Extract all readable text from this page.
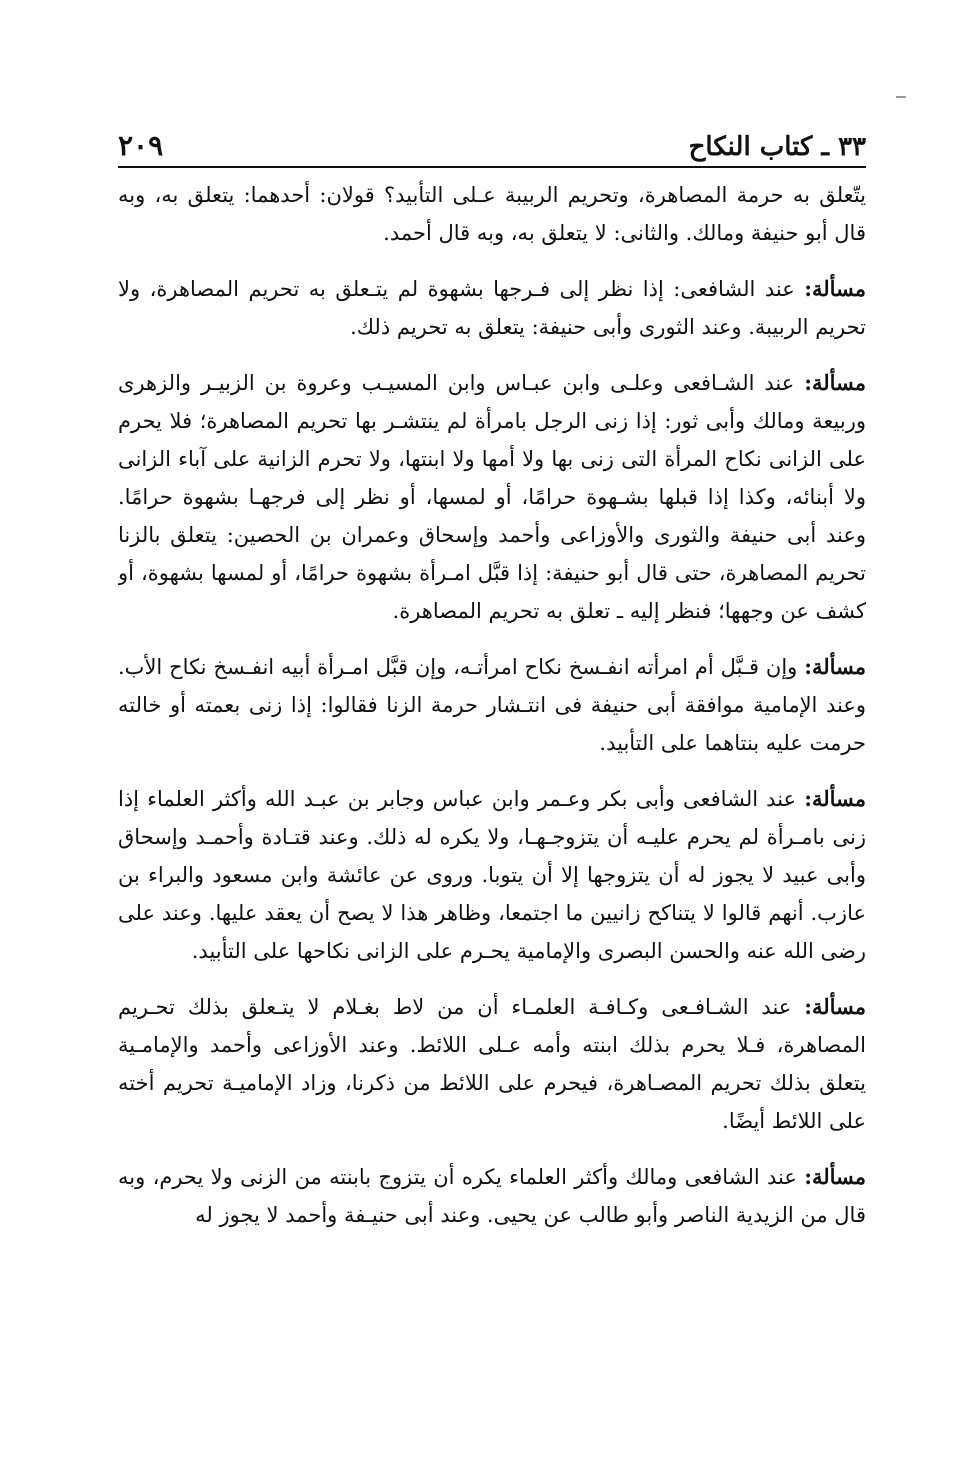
٣٣ ـ كتاب النكاح
٢٠٩

يتّعلق به حرمة المصاهرة، وتحريم الربيبة عـلى التأبيد؟ قولان: أحدهما: يتعلق به، وبه قال أبو حنيفة ومالك. والثانى: لا يتعلق به، وبه قال أحمد.

مسألة: عند الشافعى: إذا نظر إلى فـرجها بشهوة لم يتـعلق به تحريم المصاهرة، ولا تحريم الربيبة. وعند الثورى وأبى حنيفة: يتعلق به تحريم ذلك.

مسألة: عند الشـافعى وعلـى وابن عبـاس وابن المسيـب وعروة بن الزبيـر والزهرى وربيعة ومالك وأبى ثور: إذا زنى الرجل بامرأة لم ينتشـر بها تحريم المصاهرة؛ فلا يحرم على الزانى نكاح المرأة التى زنى بها ولا أمها ولا ابنتها، ولا تحرم الزانية على آباء الزانى ولا أبنائه، وكذا إذا قبلها بشـهوة حرامًا، أو لمسها، أو نظر إلى فرجهـا بشهوة حرامًا. وعند أبى حنيفة والثورى والأوزاعى وأحمد وإسحاق وعمران بن الحصين: يتعلق بالزنا تحريم المصاهرة، حتى قال أبو حنيفة: إذا قبَّل امـرأة بشهوة حرامًا، أو لمسها بشهوة، أو كشف عن وجهها؛ فنظر إليه ـ تعلق به تحريم المصاهرة.

مسألة: وإن قـبَّل أم امرأته انفـسخ نكاح امرأتـه، وإن قبَّل امـرأة أبيه انفـسخ نكاح الأب. وعند الإمامية موافقة أبى حنيفة فى انتـشار حرمة الزنا فقالوا: إذا زنى بعمته أو خالته حرمت عليه بنتاهما على التأبيد.

مسألة: عند الشافعى وأبى بكر وعـمر وابن عباس وجابر بن عبـد الله وأكثر العلماء إذا زنى بامـرأة لم يحرم عليـه أن يتزوجـهـا، ولا يكره له ذلك. وعند قتـادة وأحمـد وإسحاق وأبى عبيد لا يجوز له أن يتزوجها إلا أن يتوبا. وروى عن عائشة وابن مسعود والبراء بن عازب. أنهم قالوا لا يتناكح زانيين ما اجتمعا، وظاهر هذا لا يصح أن يعقد عليها. وعند على رضى الله عنه والحسن البصرى والإمامية يحـرم على الزانى نكاحها على التأبيد.

مسألة: عند الشـافـعى وكـافـة العلمـاء أن من لاط بغـلام لا يتـعلق بذلك تحـريم المصاهرة، فـلا يحرم بذلك ابنته وأمه عـلى اللائط. وعند الأوزاعى وأحمد والإمامـية يتعلق بذلك تحريم المصـاهرة، فيحرم على اللائط من ذكرنا، وزاد الإماميـة تحريم أخته على اللائط أيضًا.

مسألة: عند الشافعى ومالك وأكثر العلماء يكره أن يتزوج بابنته من الزنى ولا يحرم، وبه قال من الزيدية الناصر وأبو طالب عن يحيى. وعند أبى حنيـفة وأحمد لا يجوز له
